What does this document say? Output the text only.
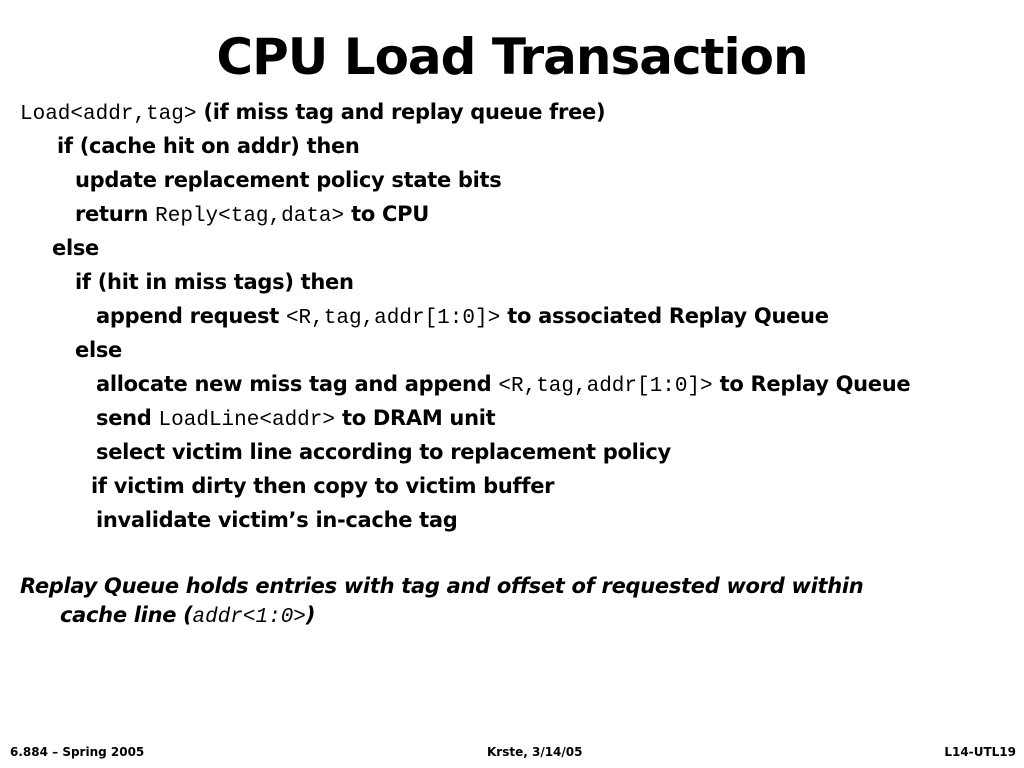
CPU Load Transaction
Load<addr,tag> (if miss tag and replay queue free)
if (cache hit on addr) then
update replacement policy state bits
return Reply<tag,data> to CPU
else
if (hit in miss tags) then
append request <R,tag,addr[1:0]> to associated Replay Queue
else
allocate new miss tag and append <R,tag,addr[1:0]> to Replay Queue
send LoadLine<addr> to DRAM unit
select victim line according to replacement policy
if victim dirty then copy to victim buffer
invalidate victim’s in-cache tag
Replay Queue holds entries with tag and offset of requested word within
cache line (addr<1:0>)
6.884 – Spring 2005	Krste, 3/14/05	L14-UTL19
